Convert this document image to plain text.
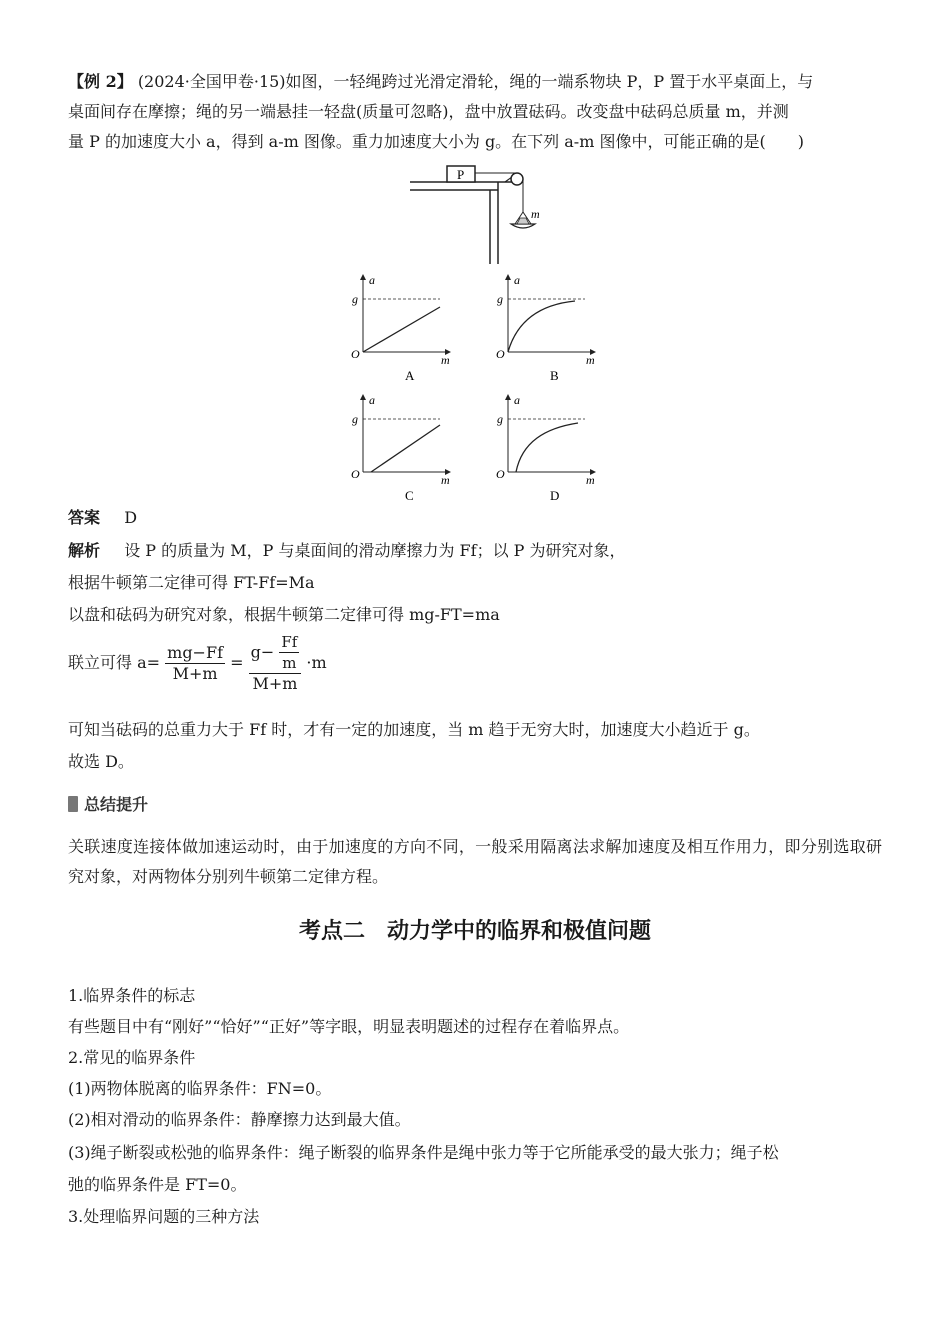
【例 2】 (2024·全国甲卷·15)如图，一轻绳跨过光滑定滑轮，绳的一端系物块 P，P 置于水平桌面上，与
桌面间存在摩擦；绳的另一端悬挂一轻盘(质量可忽略)，盘中放置砝码。改变盘中砝码总质量 m，并测
量 P 的加速度大小 a，得到 a-m 图像。重力加速度大小为 g。在下列 a-m 图像中，可能正确的是(　　)
P
m
a
g
O	m
A
a
g
O	m
B
a
g
O	m
C
a
g
O	m
D
答案 D
解析 设 P 的质量为 M，P 与桌面间的滑动摩擦力为 Ff；以 P 为研究对象，
根据牛顿第二定律可得 FT-Ff=Ma
以盘和砝码为研究对象，根据牛顿第二定律可得 mg-FT=ma
联立可得 $a= \frac{mg-Ff}{M+m} = \frac{g- \frac{Ff}{m}}{M+m} \cdot m$
可知当砝码的总重力大于 Ff 时，才有一定的加速度，当 m 趋于无穷大时，加速度大小趋近于 g。
故选 D。
总结提升
关联速度连接体做加速运动时，由于加速度的方向不同，一般采用隔离法求解加速度及相互作用力，即分别选取研究对象，对两物体分别列牛顿第二定律方程。
考点二　动力学中的临界和极值问题
1.临界条件的标志
有些题目中有“刚好”“恰好”“正好”等字眼，明显表明题述的过程存在着临界点。
2.常见的临界条件
(1)两物体脱离的临界条件：FN=0。
(2)相对滑动的临界条件：静摩擦力达到最大值。
(3)绳子断裂或松弛的临界条件：绳子断裂的临界条件是绳中张力等于它所能承受的最大张力；绳子松
弛的临界条件是 FT=0。
3.处理临界问题的三种方法
